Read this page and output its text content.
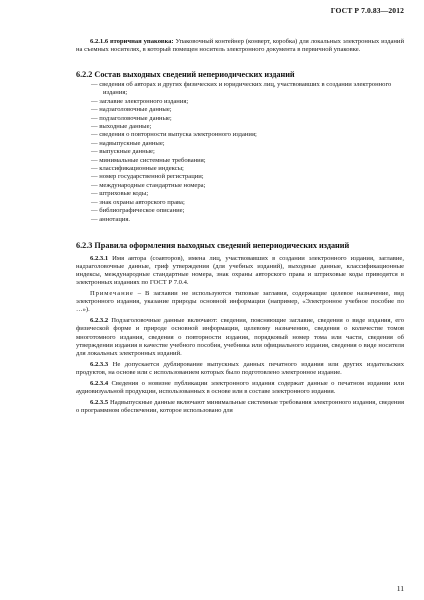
ГОСТ Р 7.0.83—2012

6.2.1.6 вторичная упаковка: Упаковочный контейнер (конверт, коробка) для локальных электронных изданий на съемных носителях, в который помещен носитель электронного документа в первичной упаковке.

6.2.2 Состав выходных сведений непериодических изданий
— сведения об авторах и других физических и юридических лиц, участвовавших в создании электронного издания;
— заглавие электронного издания;
— надзаголовочные данные;
— подзаголовочные данные;
— выходные данные;
— сведения о повторности выпуска электронного издания;
— надвыпускные данные;
— выпускные данные;
— минимальные системные требования;
— классификационные индексы;
— номер государственной регистрации;
— международные стандартные номера;
— штриховые коды;
— знак охраны авторского права;
— библиографическое описание;
— аннотация.
6.2.3 Правила оформления выходных сведений непериодических изданий

6.2.3.1 Имя автора (соавторов), имена лиц, участвовавших в создании электронного издания, заглавие, надзаголовочные данные, гриф утверждения (для учебных изданий), выходные данные, классификационные индексы, международные стандартные номера, знак охраны авторского права и штриховые коды приводятся в электронных изданиях по ГОСТ Р 7.0.4.

Примечание – В заглавии не используются типовые заглавия, содержащие целевое назначение, вид электронного издания, указание природы основной информации (например, «Электронное учебное пособие по …»).

6.2.3.2 Подзаголовочные данные включают: сведения, поясняющие заглавие, сведения о виде издания, его физической форме и природе основной информации, целевому назначению, сведения о количестве томов многотомного издания, сведения о повторности издания, порядковый номер тома или части, сведения об утверждении издания в качестве учебного пособия, учебника или официального издания, сведения о виде носителя для локальных электронных изданий.

6.2.3.3 Не допускается дублирование выпускных данных печатного издания или других издательских продуктов, на основе или с использованием которых было подготовлено электронное издание.

6.2.3.4 Сведения о новизне публикации электронного издания содержат данные о печатном издании или аудиовизуальной продукции, использованных в основе или в составе электронного издания.

6.2.3.5 Надвыпускные данные включают минимальные системные требования электронного издания, сведения о программном обеспечении, которое использовано для

11
